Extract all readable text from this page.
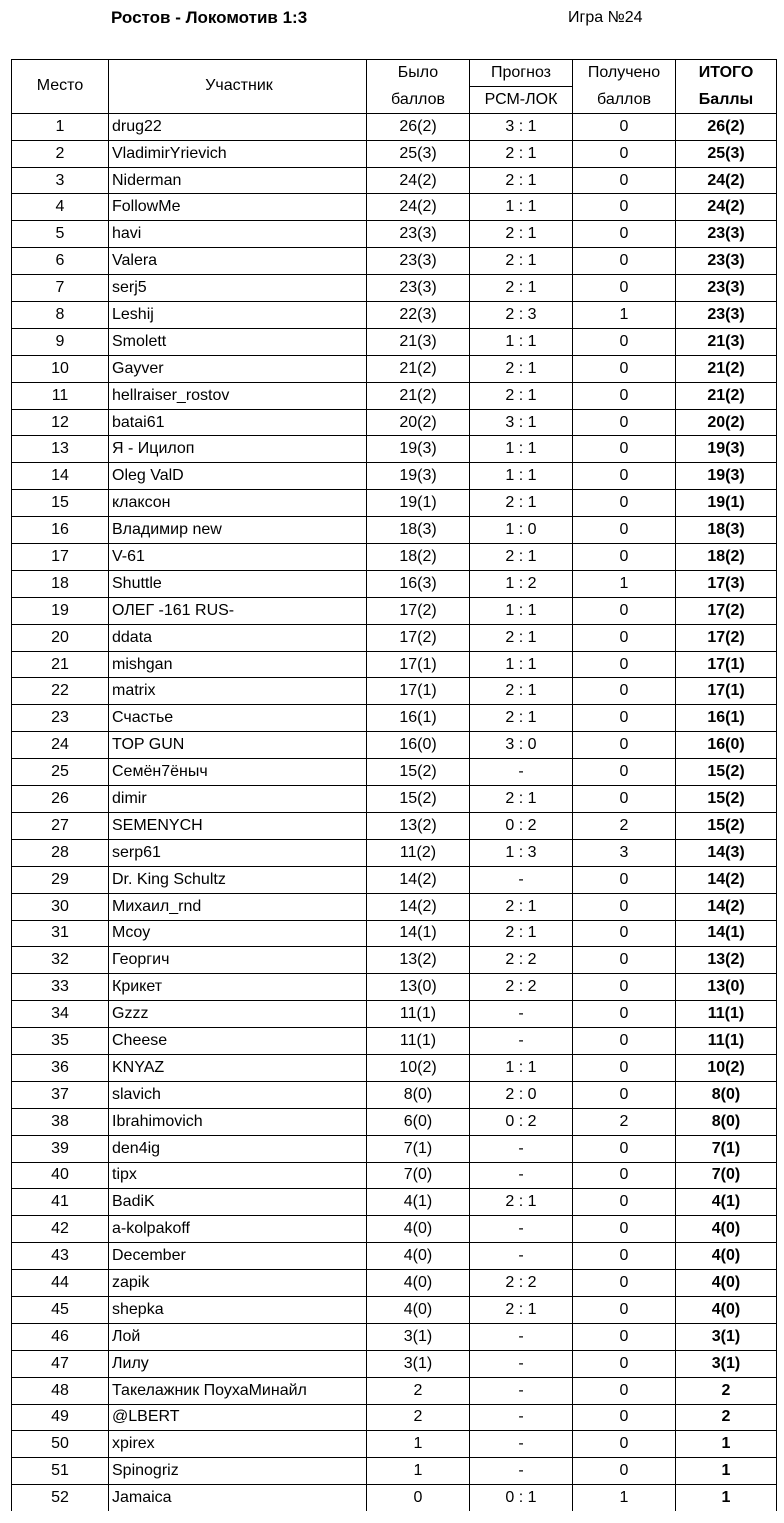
Ростов - Локомотив 1:3	Игра №24
Место	Участник	Было	Прогноз	Получено	ИТОГО
		баллов	РСМ-ЛОК	баллов	Баллы
1	drug22	26(2)	3 : 1	0	26(2)
2	VladimirYrievich	25(3)	2 : 1	0	25(3)
3	Niderman	24(2)	2 : 1	0	24(2)
4	FollowMe	24(2)	1 : 1	0	24(2)
5	havi	23(3)	2 : 1	0	23(3)
6	Valera	23(3)	2 : 1	0	23(3)
7	serj5	23(3)	2 : 1	0	23(3)
8	Leshij	22(3)	2 : 3	1	23(3)
9	Smolett	21(3)	1 : 1	0	21(3)
10	Gayver	21(2)	2 : 1	0	21(2)
11	hellraiser_rostov	21(2)	2 : 1	0	21(2)
12	batai61	20(2)	3 : 1	0	20(2)
13	Я - Ицилоп	19(3)	1 : 1	0	19(3)
14	Oleg ValD	19(3)	1 : 1	0	19(3)
15	клаксон	19(1)	2 : 1	0	19(1)
16	Владимир new	18(3)	1 : 0	0	18(3)
17	V-61	18(2)	2 : 1	0	18(2)
18	Shuttle	16(3)	1 : 2	1	17(3)
19	ОЛЕГ -161 RUS-	17(2)	1 : 1	0	17(2)
20	ddata	17(2)	2 : 1	0	17(2)
21	mishgan	17(1)	1 : 1	0	17(1)
22	matrix	17(1)	2 : 1	0	17(1)
23	Счастье	16(1)	2 : 1	0	16(1)
24	TOP GUN	16(0)	3 : 0	0	16(0)
25	Семён7ёныч	15(2)	-	0	15(2)
26	dimir	15(2)	2 : 1	0	15(2)
27	SEMENYCH	13(2)	0 : 2	2	15(2)
28	serp61	11(2)	1 : 3	3	14(3)
29	Dr. King Schultz	14(2)	-	0	14(2)
30	Михаил_rnd	14(2)	2 : 1	0	14(2)
31	Mcoy	14(1)	2 : 1	0	14(1)
32	Георгич	13(2)	2 : 2	0	13(2)
33	Крикет	13(0)	2 : 2	0	13(0)
34	Gzzz	11(1)	-	0	11(1)
35	Cheese	11(1)	-	0	11(1)
36	KNYAZ	10(2)	1 : 1	0	10(2)
37	slavich	8(0)	2 : 0	0	8(0)
38	Ibrahimovich	6(0)	0 : 2	2	8(0)
39	den4ig	7(1)	-	0	7(1)
40	tipx	7(0)	-	0	7(0)
41	BadiK	4(1)	2 : 1	0	4(1)
42	a-kolpakoff	4(0)	-	0	4(0)
43	December	4(0)	-	0	4(0)
44	zapik	4(0)	2 : 2	0	4(0)
45	shepka	4(0)	2 : 1	0	4(0)
46	Лой	3(1)	-	0	3(1)
47	Лилу	3(1)	-	0	3(1)
48	Такелажник ПоухаМинайл	2	-	0	2
49	@LBERT	2	-	0	2
50	xpirex	1	-	0	1
51	Spinogriz	1	-	0	1
52	Jamaica	0	0 : 1	1	1
